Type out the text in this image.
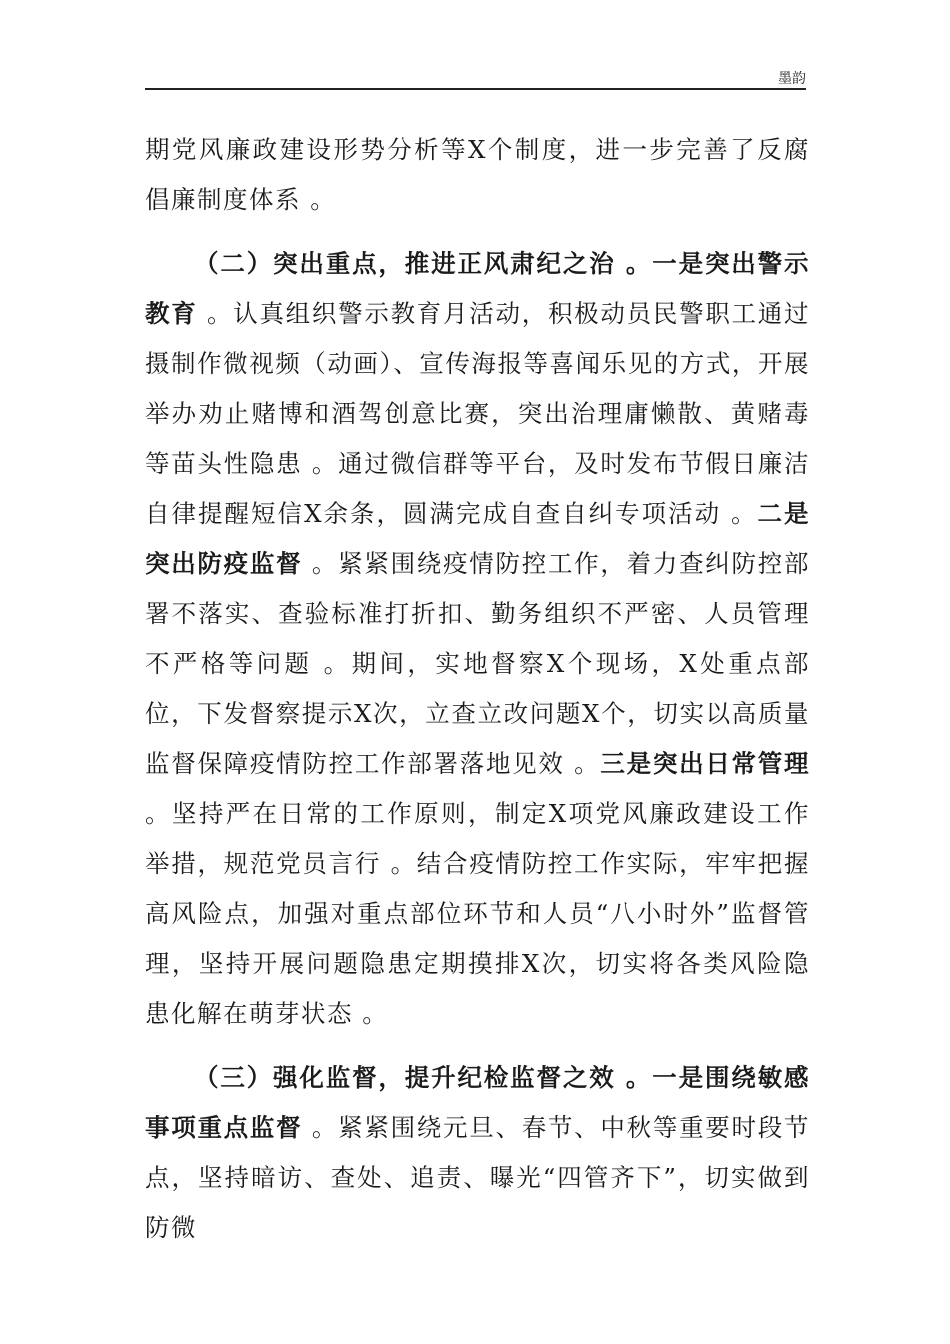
墨韵

期党风廉政建设形势分析等X个制度，进一步完善了反腐倡廉制度体系 。

（二）突出重点，推进正风肃纪之治 。一是突出警示教育 。认真组织警示教育月活动，积极动员民警职工通过摄制作微视频（动画）、宣传海报等喜闻乐见的方式，开展举办劝止赌博和酒驾创意比赛，突出治理庸懒散、黄赌毒等苗头性隐患 。通过微信群等平台，及时发布节假日廉洁自律提醒短信X余条，圆满完成自查自纠专项活动 。二是突出防疫监督 。紧紧围绕疫情防控工作，着力查纠防控部署不落实、查验标准打折扣、勤务组织不严密、人员管理不严格等问题 。期间，实地督察X个现场，X处重点部位，下发督察提示X次，立查立改问题X个，切实以高质量监督保障疫情防控工作部署落地见效 。三是突出日常管理 。坚持严在日常的工作原则，制定X项党风廉政建设工作举措，规范党员言行 。结合疫情防控工作实际，牢牢把握高风险点，加强对重点部位环节和人员“八小时外”监督管理，坚持开展问题隐患定期摸排X次，切实将各类风险隐患化解在萌芽状态 。

（三）强化监督，提升纪检监督之效 。一是围绕敏感事项重点监督 。紧紧围绕元旦、春节、中秋等重要时段节点，坚持暗访、查处、追责、曝光“四管齐下”，切实做到防微
